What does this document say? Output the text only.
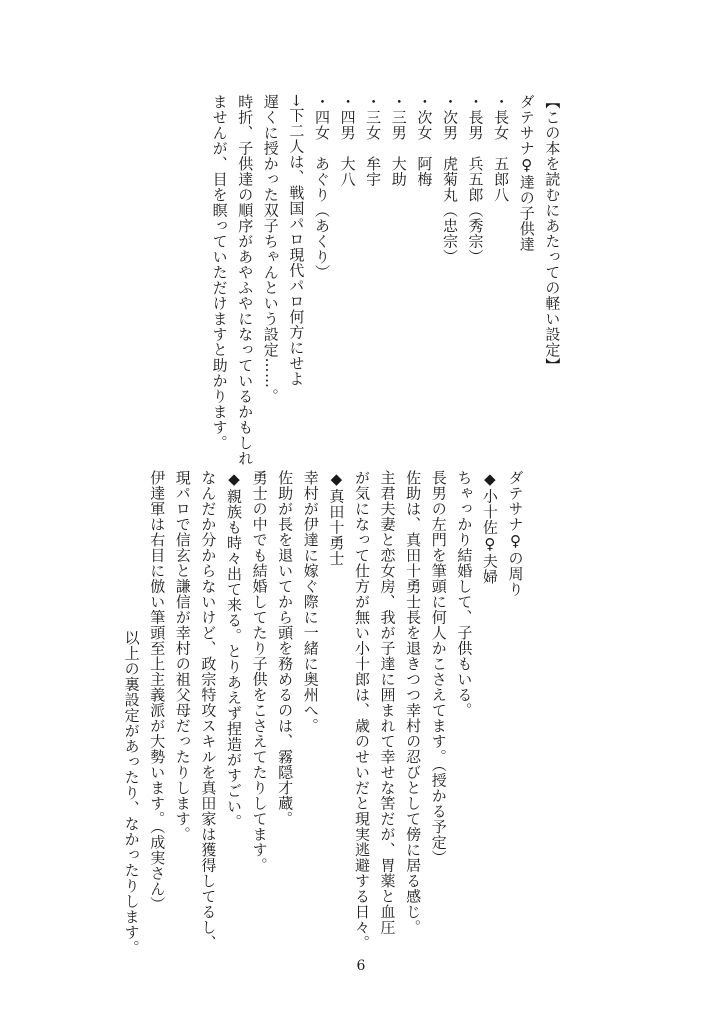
【この本を読むにあたっての軽い設定】
ダテサナ♀達の子供達
・長女　五郎八
・長男　兵五郎（秀宗）
・次男　虎菊丸（忠宗）
・次女　阿梅
・三男　大助
・三女　牟宇
・四男　大八
・四女　あぐり（あくり）
→下二人は、戦国パロ現代パロ何方にせよ
遅くに授かった双子ちゃんという設定……。
時折、子供達の順序があやふやになっているかもしれ
ませんが、目を瞑っていただけますと助かります。
ダテサナ♀の周り
◆小十佐♀夫婦
ちゃっかり結婚して、子供もいる。
長男の左門を筆頭に何人かこさえてます。（授かる予定）
佐助は、真田十勇士長を退きつつ幸村の忍びとして傍に居る感じ。
主君夫妻と恋女房、我が子達に囲まれて幸せな筈だが、胃薬と血圧
が気になって仕方が無い小十郎は、歳のせいだと現実逃避する日々。
◆真田十勇士
幸村が伊達に嫁ぐ際に一緒に奥州へ。
佐助が長を退いてから頭を務めるのは、霧隠才蔵。
勇士の中でも結婚してたり子供をこさえてたりしてます。
◆親族も時々出て来る。とりあえず捏造がすごい。
なんだか分からないけど、政宗特攻スキルを真田家は獲得してるし、
現パロで信玄と謙信が幸村の祖父母だったりします。
伊達軍は右目に倣い筆頭至上主義派が大勢います。（成実さん）
以上の裏設定があったり、なかったりします。
6
